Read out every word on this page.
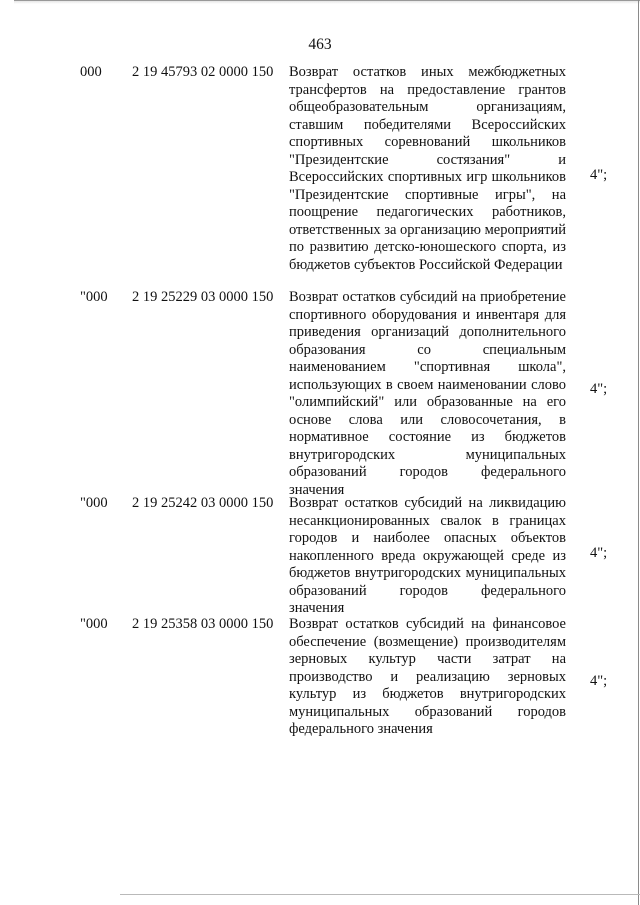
463
000 2 19 45793 02 0000 150 Возврат остатков иных межбюджетных трансфертов на предоставление грантов общеобразовательным организациям, ставшим победителями Всероссийских спортивных соревнований школьников "Президентские состязания" и Всероссийских спортивных игр школьников "Президентские спортивные игры", на поощрение педагогических работников, ответственных за организацию мероприятий по развитию детско-юношеского спорта, из бюджетов субъектов Российской Федерации
4";
"000 2 19 25229 03 0000 150 Возврат остатков субсидий на приобретение спортивного оборудования и инвентаря для приведения организаций дополнительного образования со специальным наименованием "спортивная школа", использующих в своем наименовании слово "олимпийский" или образованные на его основе слова или словосочетания, в нормативное состояние из бюджетов внутригородских муниципальных образований городов федерального значения
4";
"000 2 19 25242 03 0000 150 Возврат остатков субсидий на ликвидацию несанкционированных свалок в границах городов и наиболее опасных объектов накопленного вреда окружающей среде из бюджетов внутригородских муниципальных образований городов федерального значения
4";
"000 2 19 25358 03 0000 150 Возврат остатков субсидий на финансовое обеспечение (возмещение) производителям зерновых культур части затрат на производство и реализацию зерновых культур из бюджетов внутригородских муниципальных образований городов федерального значения
4";
